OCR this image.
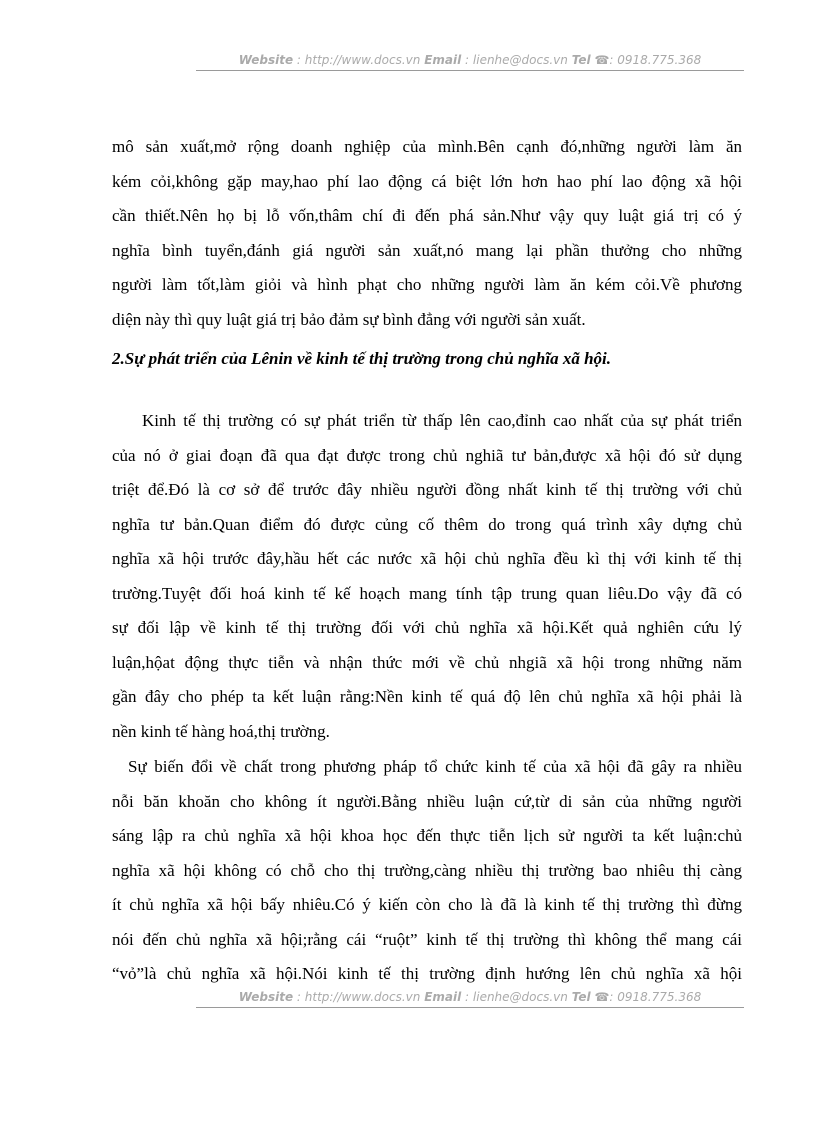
Website : http://www.docs.vn Email : lienhe@docs.vn Tel ☎: 0918.775.368
mô sản xuất,mở rộng doanh nghiệp của mình.Bên cạnh đó,những người làm ăn
kém cỏi,không gặp may,hao phí lao động cá biệt lớn hơn hao phí lao động xã hội
cần thiết.Nên họ bị lỗ vốn,thâm chí đi đến phá sản.Như vậy quy luật giá trị có ý
nghĩa bình tuyển,đánh giá người sản xuất,nó mang lại phần thưởng cho những
người làm tốt,làm giỏi và hình phạt cho những người làm ăn kém cỏi.Về phương
diện này thì quy luật giá trị bảo đảm sự bình đẳng với người sản xuất.
2.Sự phát triển của Lênin về kinh tế thị trường trong chủ nghĩa xã hội.
Kinh tế thị trường có sự phát triển từ thấp lên cao,đỉnh cao nhất của sự phát triển
của nó ở giai đoạn đã qua đạt được trong chủ nghiã tư bản,được xã hội đó sử dụng
triệt để.Đó là cơ sở để trước đây nhiều người đồng nhất kinh tế thị trường với chủ
nghĩa tư bản.Quan điểm đó được củng cố thêm do trong quá trình xây dựng chủ
nghĩa xã hội trước đây,hầu hết các nước xã hội chủ nghĩa đều kì thị với kinh tế thị
trường.Tuyệt đối hoá kinh tế kế hoạch mang tính tập trung quan liêu.Do vậy đã có
sự đối lập về kinh tế thị trường đối với chủ nghĩa xã hội.Kết quả nghiên cứu lý
luận,hộat động thực tiễn và nhận thức mới về chủ nhgiã xã hội trong những năm
gần đây cho phép ta kết luận rằng:Nền kinh tế quá độ lên chủ nghĩa xã hội phải là
nền kinh tế hàng hoá,thị trường.
Sự biến đổi về chất trong phương pháp tổ chức kinh tế của xã hội đã gây ra nhiều
nỗi băn khoăn cho không ít người.Bằng nhiều luận cứ,từ di sản của những người
sáng lập ra chủ nghĩa xã hội khoa học đến thực tiễn lịch sử người ta kết luận:chủ
nghĩa xã hội không có chỗ cho thị trường,càng nhiều thị trường bao nhiêu thị càng
ít chủ nghĩa xã hội bấy nhiêu.Có ý kiến còn cho là đã là kinh tế thị trường thì đừng
nói đến chủ nghĩa xã hội;rằng cái “ruột” kinh tế thị trường thì không thể mang cái
“vỏ”là chủ nghĩa xã hội.Nói kinh tế thị trường định hướng lên chủ nghĩa xã hội
Website : http://www.docs.vn Email : lienhe@docs.vn Tel ☎: 0918.775.368
